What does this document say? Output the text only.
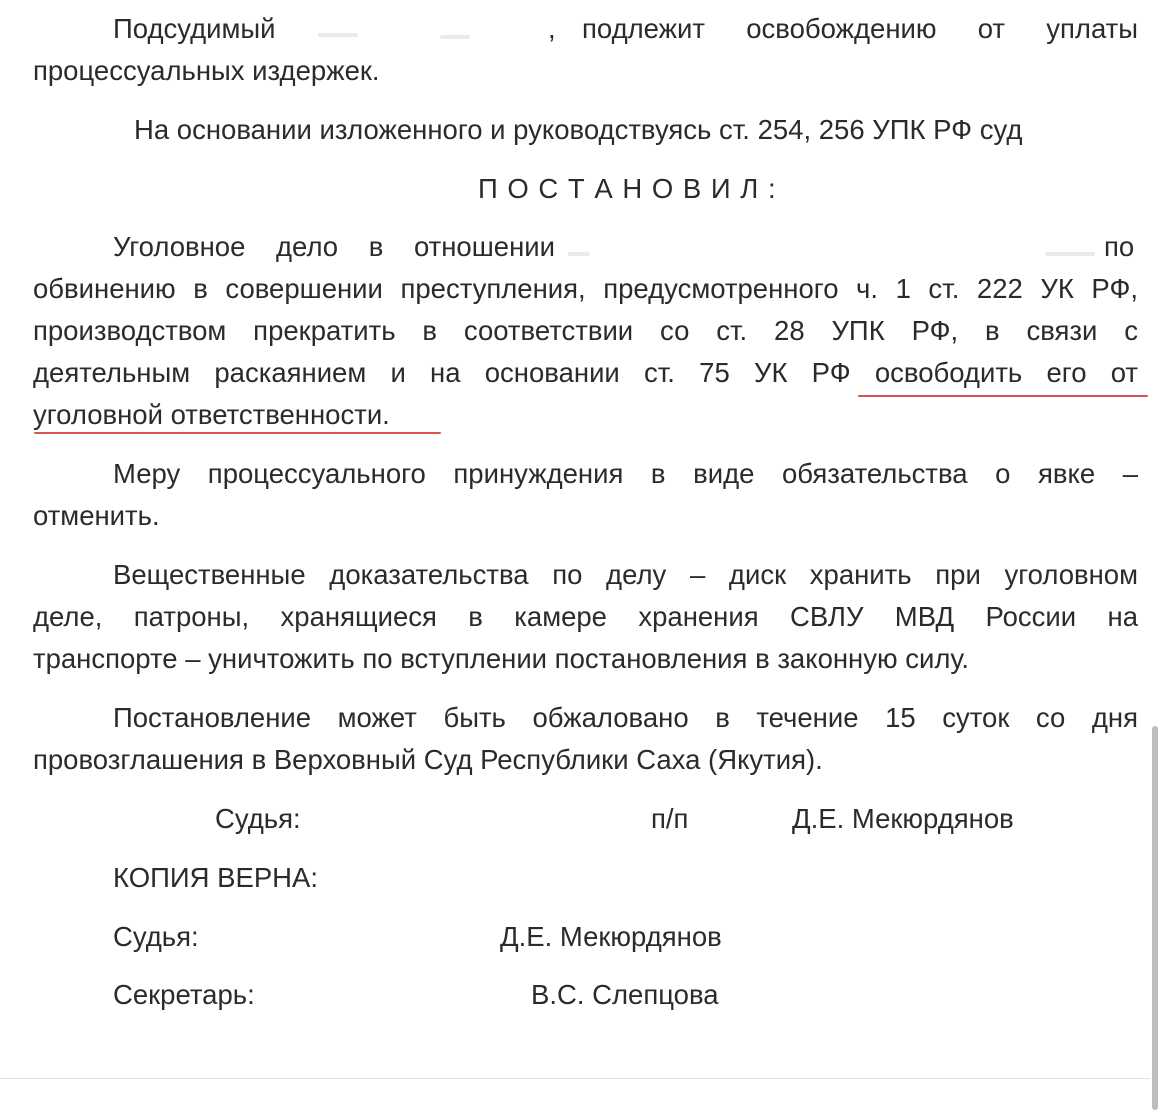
Подсудимый	, подлежит освобождению от уплаты
процессуальных издержек.
На основании изложенного и руководствуясь ст. 254, 256 УПК РФ суд
П О С Т А Н О В И Л :
Уголовное дело в отношении	по
обвинению в совершении преступления, предусмотренного ч. 1 ст. 222 УК РФ,
производством прекратить в соответствии со ст. 28 УПК РФ, в связи с
деятельным раскаянием и на основании ст. 75 УК РФ освободить его от
уголовной ответственности.
Меру процессуального принуждения в виде обязательства о явке –
отменить.
Вещественные доказательства по делу – диск хранить при уголовном
деле, патроны, хранящиеся в камере хранения СВЛУ МВД России на
транспорте – уничтожить по вступлении постановления в законную силу.
Постановление может быть обжаловано в течение 15 суток со дня
провозглашения в Верховный Суд Республики Саха (Якутия).
Судья:	п/п	Д.Е. Мекюрдянов
КОПИЯ ВЕРНА:
Судья:	Д.Е. Мекюрдянов
Секретарь:	В.С. Слепцова
